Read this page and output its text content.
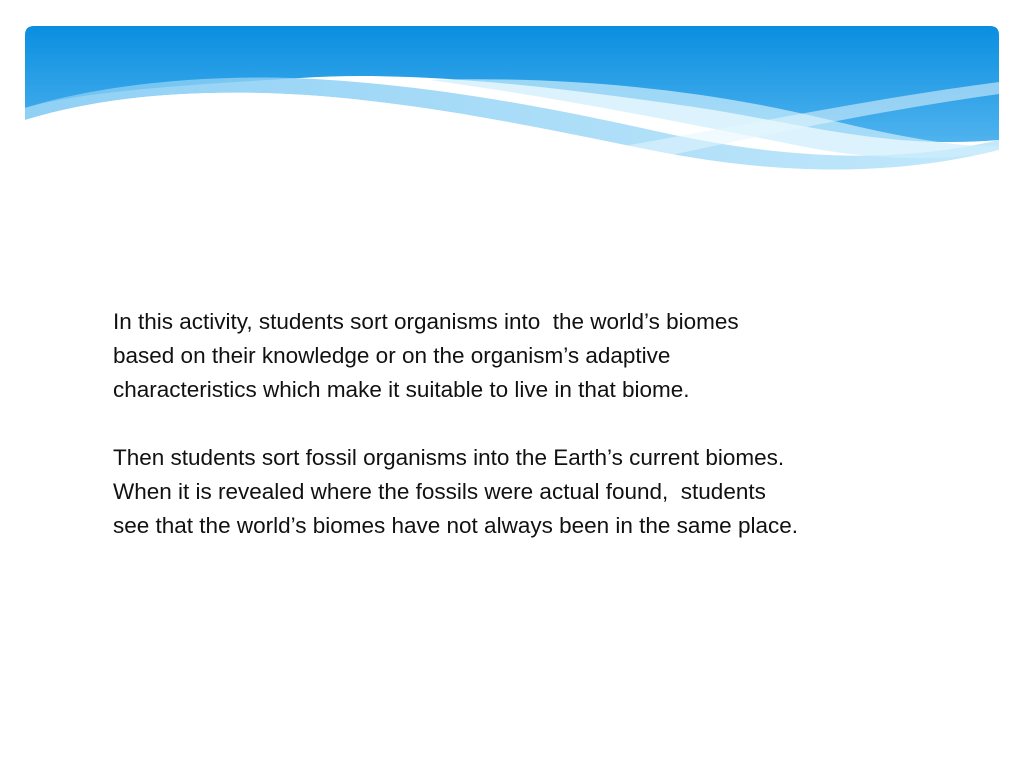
In this activity, students sort organisms into  the world’s biomes
based on their knowledge or on the organism’s adaptive
characteristics which make it suitable to live in that biome.

Then students sort fossil organisms into the Earth’s current biomes.
When it is revealed where the fossils were actual found,  students
see that the world’s biomes have not always been in the same place.
